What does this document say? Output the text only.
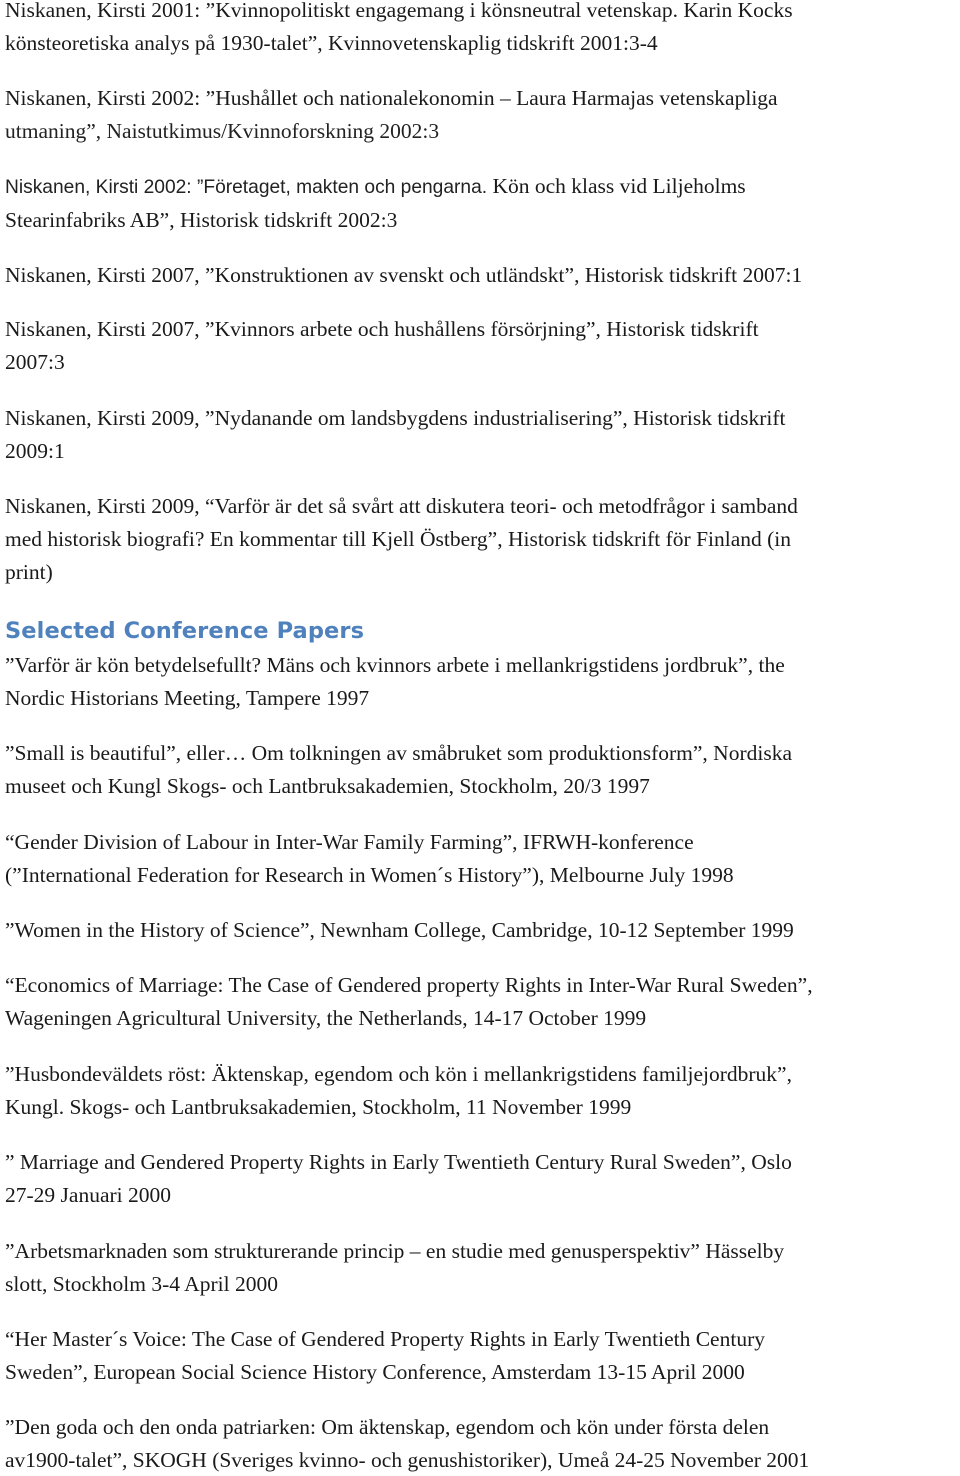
Niskanen, Kirsti 2001: ”Kvinnopolitiskt engagemang i könsneutral vetenskap. Karin Kocks
könsteoretiska analys på 1930-talet”, Kvinnovetenskaplig tidskrift 2001:3-4

Niskanen, Kirsti 2002: ”Hushållet och nationalekonomin – Laura Harmajas vetenskapliga
utmaning”, Naistutkimus/Kvinnoforskning 2002:3

Niskanen, Kirsti 2002: ”Företaget, makten och pengarna. Kön och klass vid Liljeholms
Stearinfabriks AB”, Historisk tidskrift 2002:3

Niskanen, Kirsti 2007, ”Konstruktionen av svenskt och utländskt”, Historisk tidskrift 2007:1

Niskanen, Kirsti 2007, ”Kvinnors arbete och hushållens försörjning”, Historisk tidskrift
2007:3

Niskanen, Kirsti 2009, ”Nydanande om landsbygdens industrialisering”, Historisk tidskrift
2009:1

Niskanen, Kirsti 2009, “Varför är det så svårt att diskutera teori- och metodfrågor i samband
med historisk biografi? En kommentar till Kjell Östberg”, Historisk tidskrift för Finland (in
print)

Selected Conference Papers

”Varför är kön betydelsefullt? Mäns och kvinnors arbete i mellankrigstidens jordbruk”, the
Nordic Historians Meeting, Tampere 1997

”Small is beautiful”, eller… Om tolkningen av småbruket som produktionsform”, Nordiska
museet och Kungl Skogs- och Lantbruksakademien, Stockholm, 20/3 1997

“Gender Division of Labour in Inter-War Family Farming”, IFRWH-konference
(”International Federation for Research in Women´s History”), Melbourne July 1998

”Women in the History of Science”, Newnham College, Cambridge, 10-12 September 1999

“Economics of Marriage: The Case of Gendered property Rights in Inter-War Rural Sweden”,
Wageningen Agricultural University, the Netherlands, 14-17 October 1999

”Husbondeväldets röst: Äktenskap, egendom och kön i mellankrigstidens familjejordbruk”,
Kungl. Skogs- och Lantbruksakademien, Stockholm, 11 November 1999

” Marriage and Gendered Property Rights in Early Twentieth Century Rural Sweden”, Oslo
27-29 Januari 2000

”Arbetsmarknaden som strukturerande princip – en studie med genusperspektiv” Hässelby
slott, Stockholm 3-4 April 2000

“Her Master´s Voice: The Case of Gendered Property Rights in Early Twentieth Century
Sweden”, European Social Science History Conference, Amsterdam 13-15 April 2000

”Den goda och den onda patriarken: Om äktenskap, egendom och kön under första delen
av1900-talet”, SKOGH (Sveriges kvinno- och genushistoriker), Umeå 24-25 November 2001
